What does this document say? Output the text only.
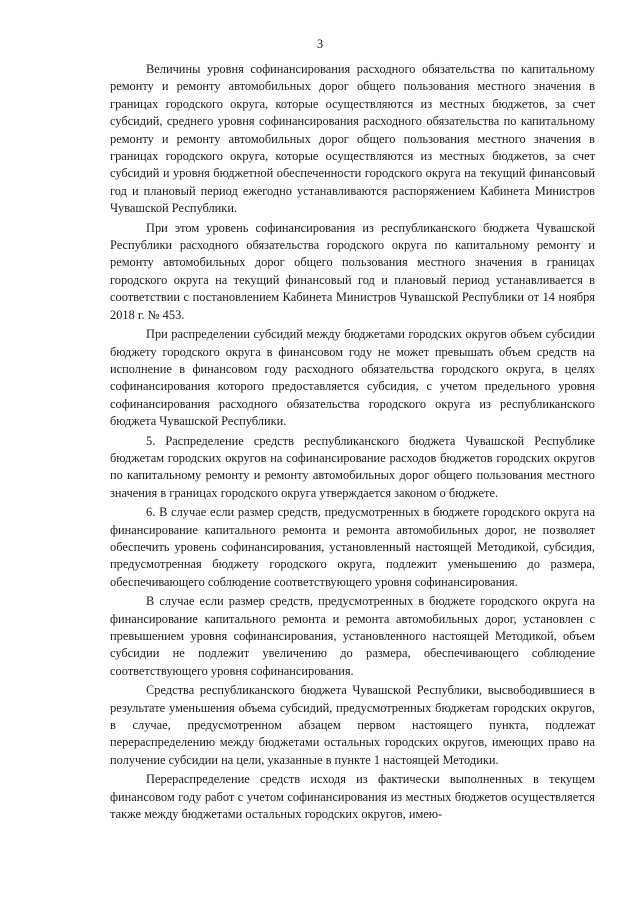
3

Величины уровня софинансирования расходного обязательства по капитальному ремонту и ремонту автомобильных дорог общего пользования местного значения в границах городского округа, которые осуществляются из местных бюджетов, за счет субсидий, среднего уровня софинансирования расходного обязательства по капитальному ремонту и ремонту автомобильных дорог общего пользования местного значения в границах городского округа, которые осуществляются из местных бюджетов, за счет субсидий и уровня бюджетной обеспеченности городского округа на текущий финансовый год и плановый период ежегодно устанавливаются распоряжением Кабинета Министров Чувашской Республики.

При этом уровень софинансирования из республиканского бюджета Чувашской Республики расходного обязательства городского округа по капитальному ремонту и ремонту автомобильных дорог общего пользования местного значения в границах городского округа на текущий финансовый год и плановый период устанавливается в соответствии с постановлением Кабинета Министров Чувашской Республики от 14 ноября 2018 г. № 453.

При распределении субсидий между бюджетами городских округов объем субсидии бюджету городского округа в финансовом году не может превышать объем средств на исполнение в финансовом году расходного обязательства городского округа, в целях софинансирования которого предоставляется субсидия, с учетом предельного уровня софинансирования расходного обязательства городского округа из республиканского бюджета Чувашской Республики.

5. Распределение средств республиканского бюджета Чувашской Республике бюджетам городских округов на софинансирование расходов бюджетов городских округов по капитальному ремонту и ремонту автомобильных дорог общего пользования местного значения в границах городского округа утверждается законом о бюджете.

6. В случае если размер средств, предусмотренных в бюджете городского округа на финансирование капитального ремонта и ремонта автомобильных дорог, не позволяет обеспечить уровень софинансирования, установленный настоящей Методикой, субсидия, предусмотренная бюджету городского округа, подлежит уменьшению до размера, обеспечивающего соблюдение соответствующего уровня софинансирования.

В случае если размер средств, предусмотренных в бюджете городского округа на финансирование капитального ремонта и ремонта автомобильных дорог, установлен с превышением уровня софинансирования, установленного настоящей Методикой, объем субсидии не подлежит увеличению до размера, обеспечивающего соблюдение соответствующего уровня софинансирования.

Средства республиканского бюджета Чувашской Республики, высвободившиеся в результате уменьшения объема субсидий, предусмотренных бюджетам городских округов, в случае, предусмотренном абзацем первом настоящего пункта, подлежат перераспределению между бюджетами остальных городских округов, имеющих право на получение субсидии на цели, указанные в пункте 1 настоящей Методики.

Перераспределение средств исходя из фактически выполненных в текущем финансовом году работ с учетом софинансирования из местных бюджетов осуществляется также между бюджетами остальных городских округов, имею-
